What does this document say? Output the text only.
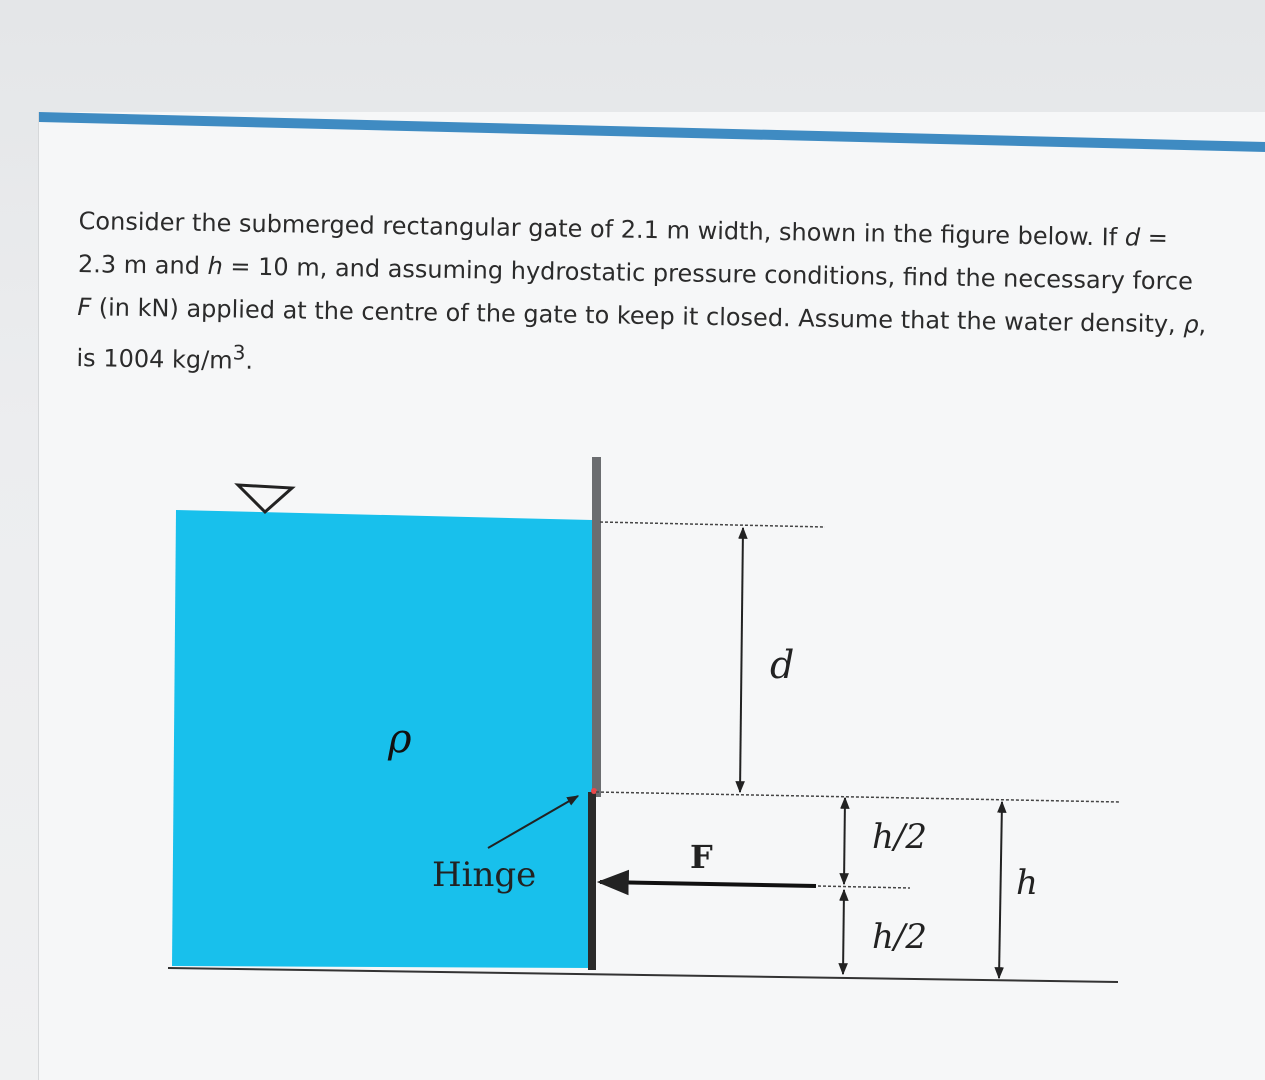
Consider the submerged rectangular gate of 2.1 m width, shown in the figure below. If d = 2.3 m and h = 10 m, and assuming hydrostatic pressure conditions, find the necessary force F (in kN) applied at the centre of the gate to keep it closed. Assume that the water density, ρ, is 1004 $kg/m^3$.

ρ
Hinge	F
d
h/2
h/2
h
